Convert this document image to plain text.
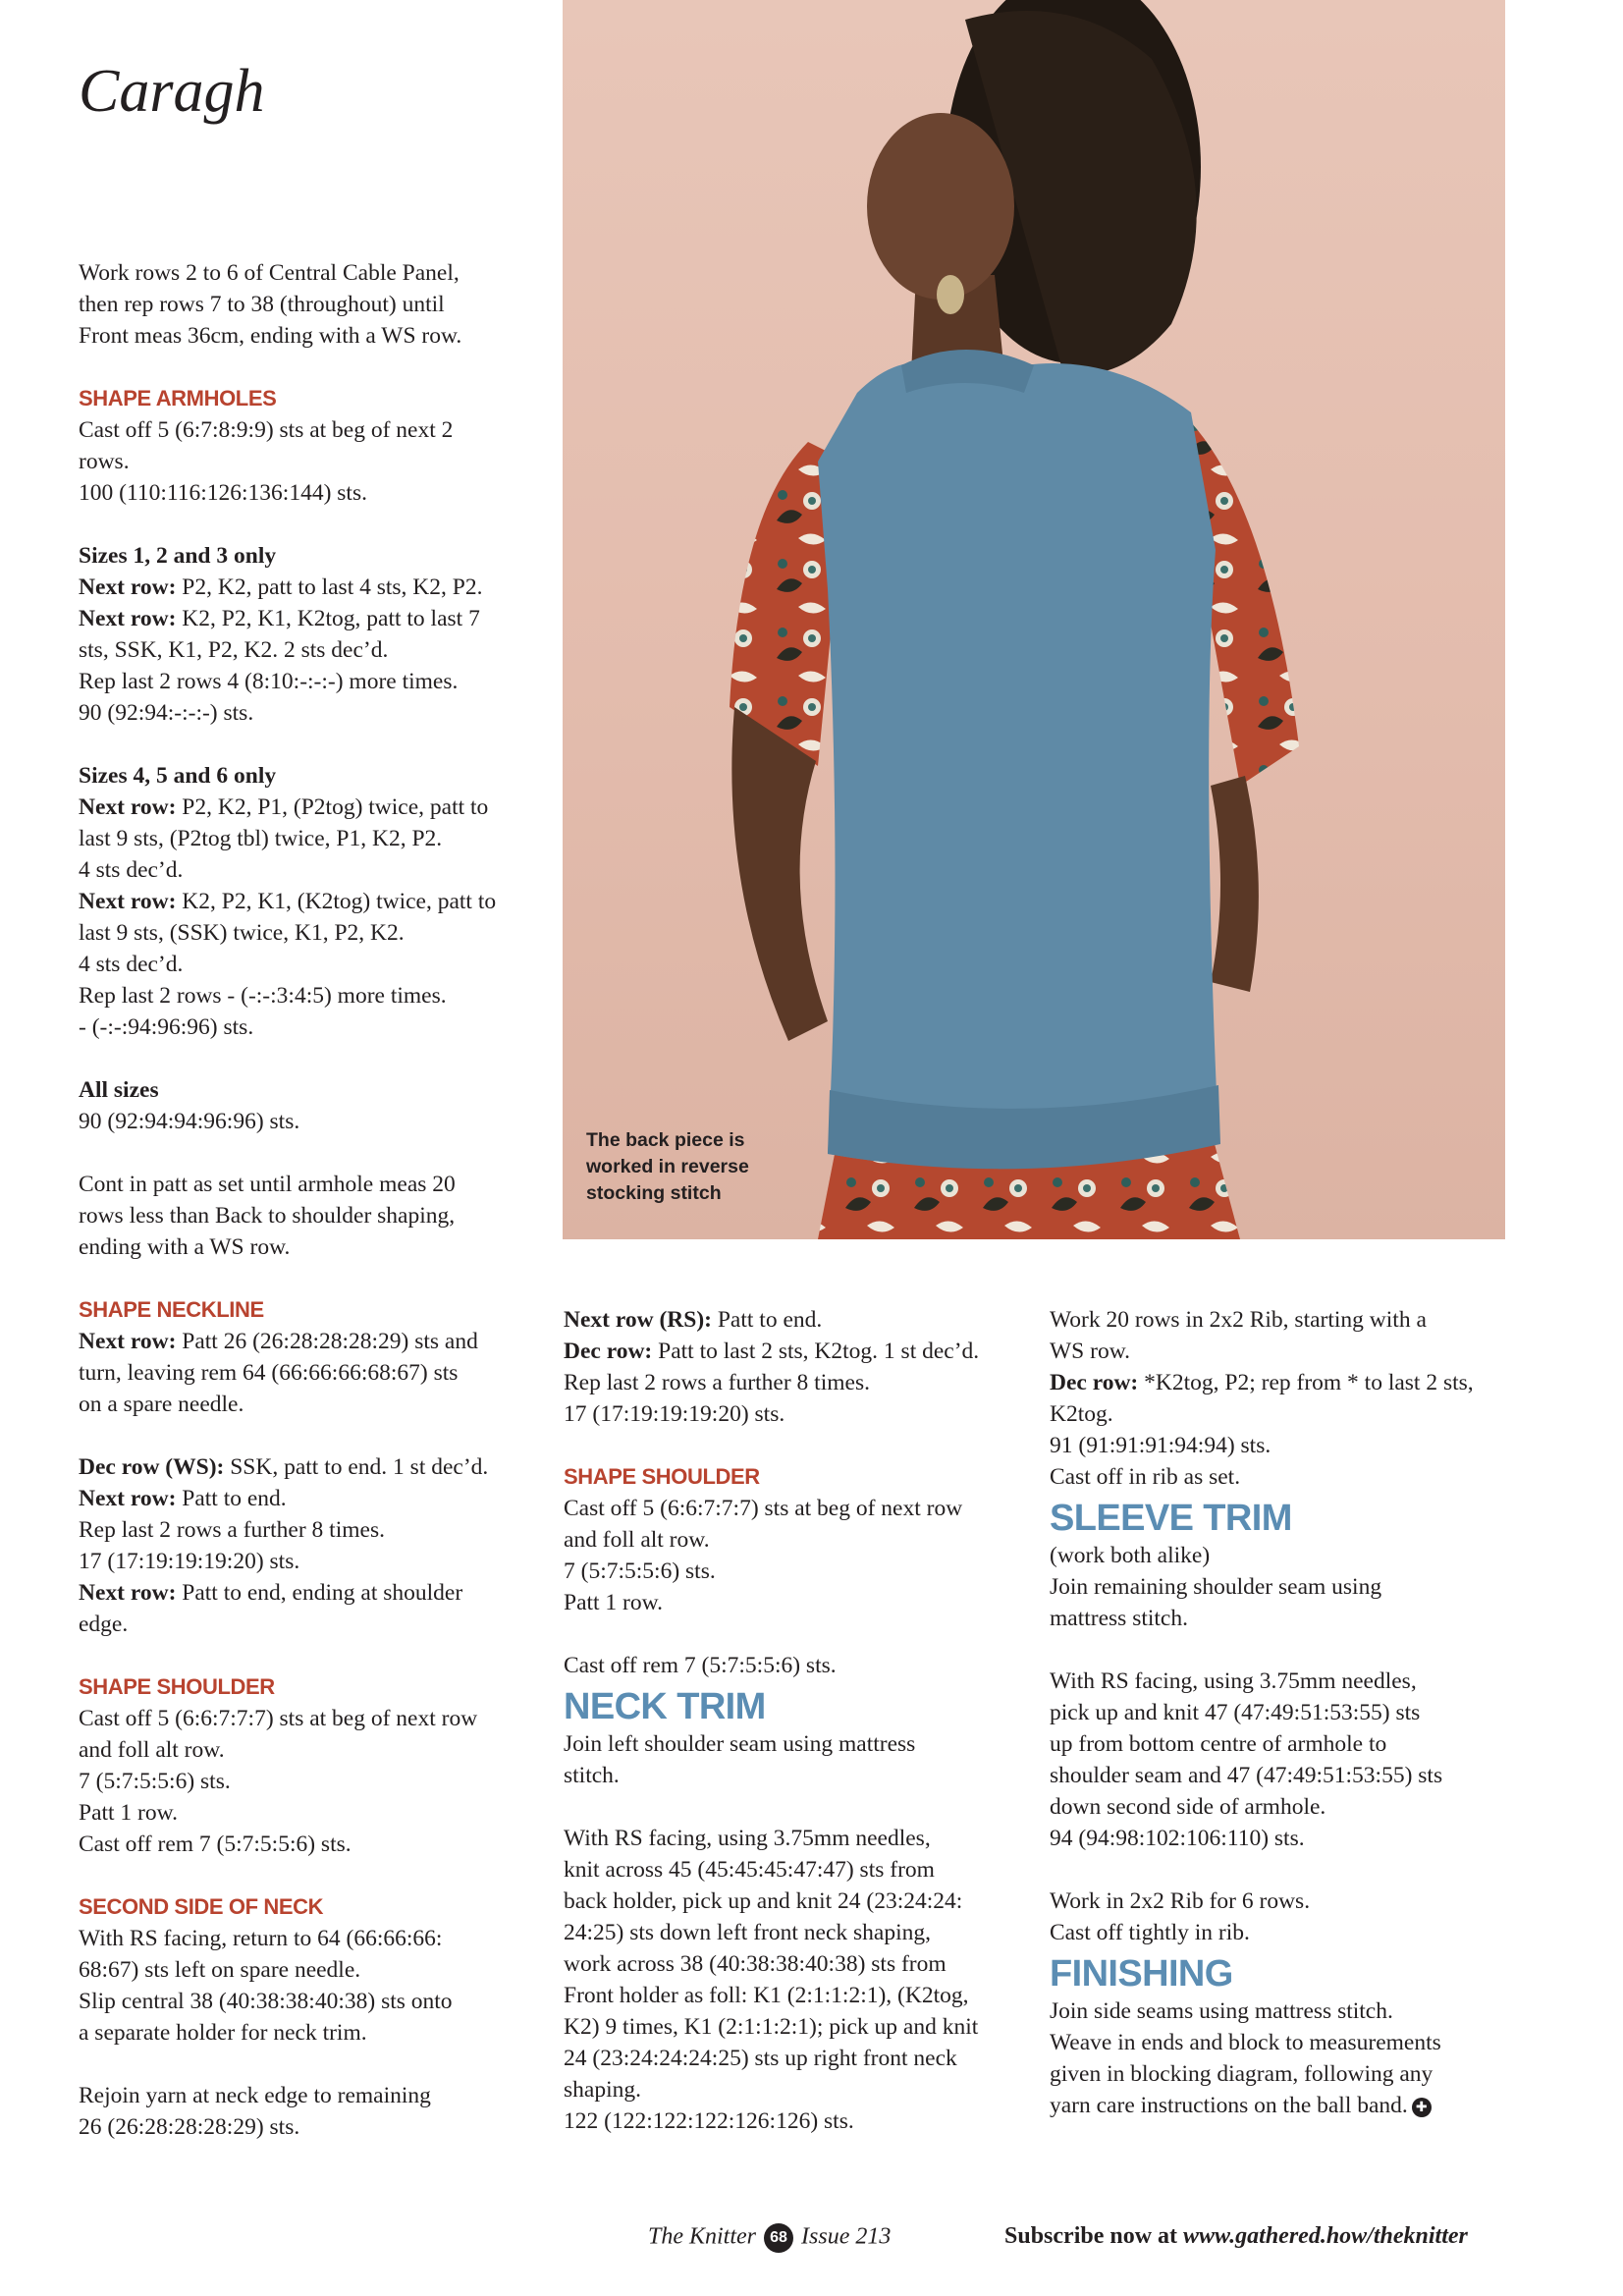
Caragh

Work rows 2 to 6 of Central Cable Panel,
then rep rows 7 to 38 (throughout) until
Front meas 36cm, ending with a WS row.

SHAPE ARMHOLES
Cast off 5 (6:7:8:9:9) sts at beg of next 2
rows.
100 (110:116:126:136:144) sts.

Sizes 1, 2 and 3 only
Next row: P2, K2, patt to last 4 sts, K2, P2.
Next row: K2, P2, K1, K2tog, patt to last 7
sts, SSK, K1, P2, K2. 2 sts dec’d.
Rep last 2 rows 4 (8:10:-:-:-) more times.
90 (92:94:-:-:-) sts.

Sizes 4, 5 and 6 only
Next row: P2, K2, P1, (P2tog) twice, patt to
last 9 sts, (P2tog tbl) twice, P1, K2, P2.
4 sts dec’d.
Next row: K2, P2, K1, (K2tog) twice, patt to
last 9 sts, (SSK) twice, K1, P2, K2.
4 sts dec’d.
Rep last 2 rows - (-:-:3:4:5) more times.
- (-:-:94:96:96) sts.

All sizes
90 (92:94:94:96:96) sts.

Cont in patt as set until armhole meas 20
rows less than Back to shoulder shaping,
ending with a WS row.

SHAPE NECKLINE
Next row: Patt 26 (26:28:28:28:29) sts and
turn, leaving rem 64 (66:66:66:68:67) sts
on a spare needle.

Dec row (WS): SSK, patt to end. 1 st dec’d.
Next row: Patt to end.
Rep last 2 rows a further 8 times.
17 (17:19:19:19:20) sts.
Next row: Patt to end, ending at shoulder
edge.

SHAPE SHOULDER
Cast off 5 (6:6:7:7:7) sts at beg of next row
and foll alt row.
7 (5:7:5:5:6) sts.
Patt 1 row.
Cast off rem 7 (5:7:5:5:6) sts.

SECOND SIDE OF NECK
With RS facing, return to 64 (66:66:66:
68:67) sts left on spare needle.
Slip central 38 (40:38:38:40:38) sts onto
a separate holder for neck trim.

Rejoin yarn at neck edge to remaining
26 (26:28:28:28:29) sts.

The back piece is
worked in reverse
stocking stitch

Next row (RS): Patt to end.
Dec row: Patt to last 2 sts, K2tog. 1 st dec’d.
Rep last 2 rows a further 8 times.
17 (17:19:19:19:20) sts.

SHAPE SHOULDER
Cast off 5 (6:6:7:7:7) sts at beg of next row
and foll alt row.
7 (5:7:5:5:6) sts.
Patt 1 row.

Cast off rem 7 (5:7:5:5:6) sts.

NECK TRIM

Join left shoulder seam using mattress
stitch.

With RS facing, using 3.75mm needles,
knit across 45 (45:45:45:47:47) sts from
back holder, pick up and knit 24 (23:24:24:
24:25) sts down left front neck shaping,
work across 38 (40:38:38:40:38) sts from
Front holder as foll: K1 (2:1:1:2:1), (K2tog,
K2) 9 times, K1 (2:1:1:2:1); pick up and knit
24 (23:24:24:24:25) sts up right front neck
shaping.
122 (122:122:122:126:126) sts.

Work 20 rows in 2x2 Rib, starting with a
WS row.
Dec row: *K2tog, P2; rep from * to last 2 sts,
K2tog.
91 (91:91:91:94:94) sts.
Cast off in rib as set.

SLEEVE TRIM

(work both alike)
Join remaining shoulder seam using
mattress stitch.

With RS facing, using 3.75mm needles,
pick up and knit 47 (47:49:51:53:55) sts
up from bottom centre of armhole to
shoulder seam and 47 (47:49:51:53:55) sts
down second side of armhole.
94 (94:98:102:106:110) sts.

Work in 2x2 Rib for 6 rows.
Cast off tightly in rib.

FINISHING

Join side seams using mattress stitch.
Weave in ends and block to measurements
given in blocking diagram, following any
yarn care instructions on the ball band. ✚

The Knitter 68 Issue 213	Subscribe now at www.gathered.how/theknitter
